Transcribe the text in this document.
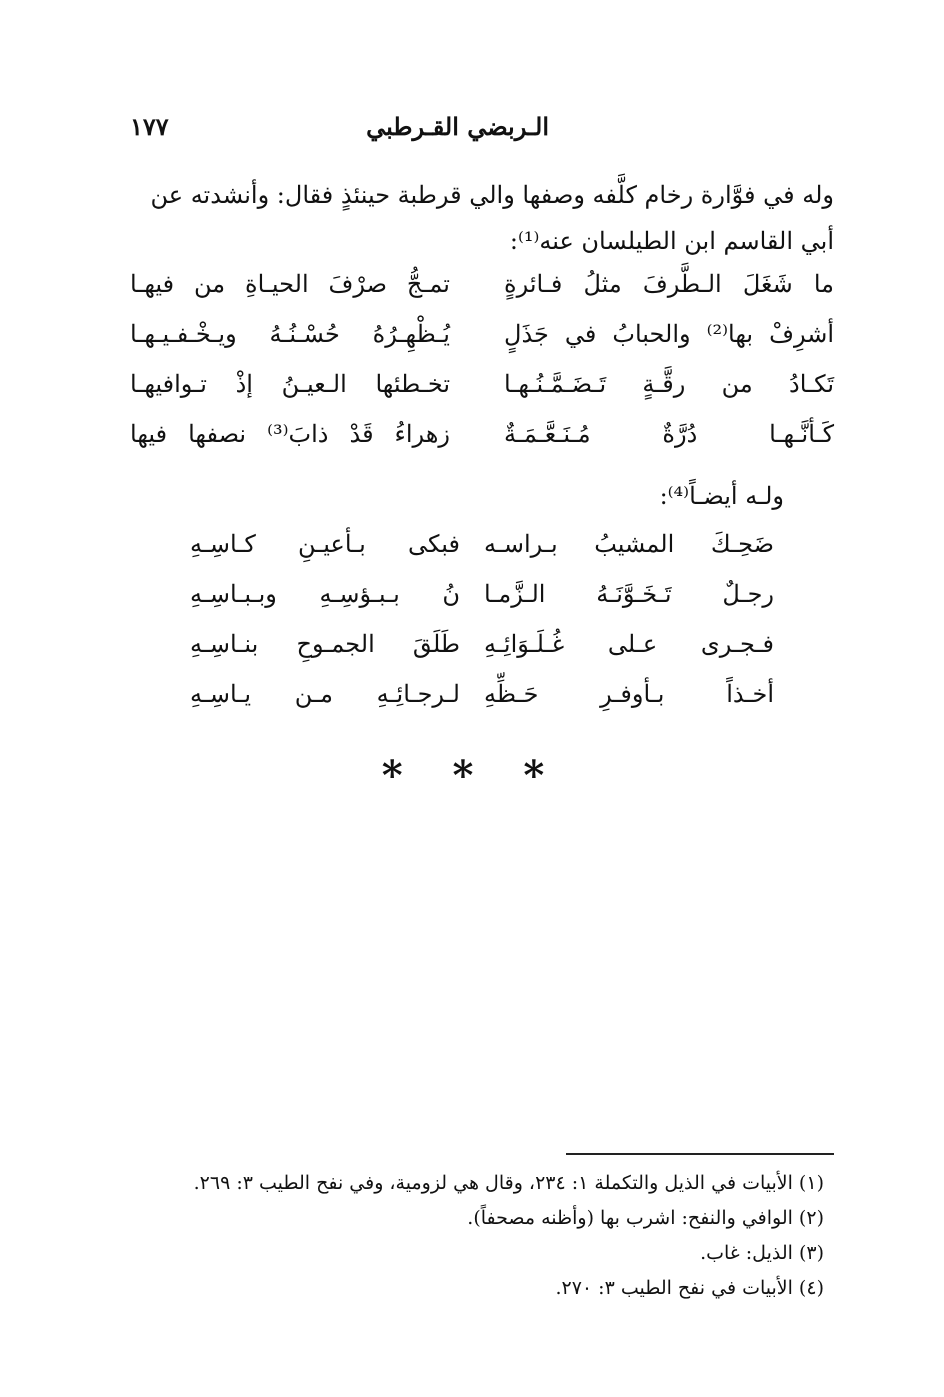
الـربضي القـرطبي
١٧٧

وله في فوَّارة رخام كلَّفه وصفها والي قرطبة حينئذٍ فقال: وأنشدته عن

أبي القاسم ابن الطيلسان عنه⁽¹⁾:

ما شَغَلَ الـطَّرفَ مثلُ فـائرةٍ
تمـجُّ صرْفَ الحيـاةِ من فيهـا
أشرِفْ بها⁽²⁾ والحبابُ في جَذَلٍ
يُـظْهِـرُهُ حُسْـنُـهُ ويـخْـفـيـهـا
تَكـادُ من رقَّـةٍ تَـضَـمَّـنُـهـا
تخـطئها الـعيـنُ إذْ تـوافيهـا
كَـأنَّـهـا دُرَّةٌ مُـنَـعَّـمَـةٌ
زهراءُ قَدْ ذابَ⁽³⁾ نصفها فيها
ولـه أيضـاً⁽⁴⁾:
ضَحِـكَ المشيبُ بـراسـه
فبكى بـأعيـنِ كـاسِـهِ
رجـلٌ تَـخَـوَّنَـهُ الـزَّمـا
نُ بـبـؤسِـهِ وبـبـاسِـهِ
فـجـرى عـلى غُـلَـوَائِـهِ
طَلَقَ الجمـوحِ بنـاسِـهِ
أخـذاً بـأوفـرِ حَـظِّهِ
لـرجـائِـهِ مـن يـاسِـهِ
* * *

(١) الأبيات في الذيل والتكملة ١: ٢٣٤، وقال هي لزومية، وفي نفح الطيب ٣: ٢٦٩.

(٢) الوافي والنفح: اشرب بها (وأظنه مصحفاً).

(٣) الذيل: غاب.

(٤) الأبيات في نفح الطيب ٣: ٢٧٠.
